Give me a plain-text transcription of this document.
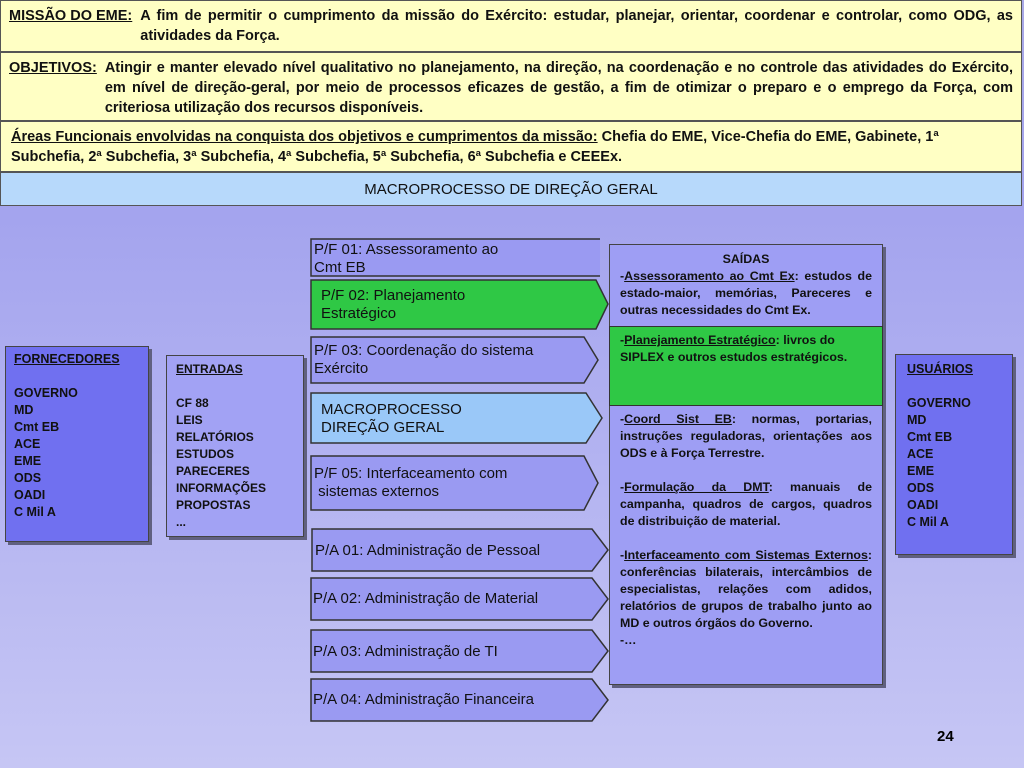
MISSÃO DO EME: A fim de permitir o cumprimento da missão do Exército: estudar, planejar, orientar, coordenar e controlar, como ODG, as atividades da Força.
OBJETIVOS: Atingir e manter elevado nível qualitativo no planejamento, na direção, na coordenação e no controle das atividades do Exército, em nível de direção-geral, por meio de processos eficazes de gestão, a fim de otimizar o preparo e o emprego da Força, com criteriosa utilização dos recursos disponíveis.
Áreas Funcionais envolvidas na conquista dos objetivos e cumprimentos da missão: Chefia do EME, Vice-Chefia do EME, Gabinete, 1ª Subchefia, 2ª Subchefia, 3ª Subchefia, 4ª Subchefia, 5ª Subchefia, 6ª Subchefia e CEEEx.
MACROPROCESSO DE DIREÇÃO GERAL
FORNECEDORES

GOVERNO
MD
Cmt EB
ACE
EME
ODS
OADI
C Mil A
ENTRADAS

CF 88
LEIS
RELATÓRIOS
ESTUDOS
PARECERES
INFORMAÇÕES
PROPOSTAS
...
P/F 01: Assessoramento ao
Cmt EB
P/F 02: Planejamento
Estratégico
P/F 03: Coordenação do sistema
Exército
MACROPROCESSO
DIREÇÃO GERAL
P/F 05: Interfaceamento com
sistemas externos
P/A 01: Administração de Pessoal
P/A 02: Administração de Material
P/A 03: Administração de TI
P/A 04: Administração Financeira
SAÍDAS

-Assessoramento ao Cmt Ex: estudos de estado-maior, memórias, Pareceres e outras necessidades do Cmt Ex.

-Coord Sist EB: normas, portarias, instruções reguladoras, orientações aos ODS e à Força Terrestre.

-Formulação da DMT: manuais de campanha, quadros de cargos, quadros de distribuição de material.

-Interfaceamento com Sistemas Externos: conferências bilaterais, intercâmbios de especialistas, relações com adidos, relatórios de grupos de trabalho junto ao MD e outros órgãos do Governo.

-…

-Planejamento Estratégico: livros do SIPLEX e outros estudos estratégicos.
USUÁRIOS

GOVERNO
MD
Cmt EB
ACE
EME
ODS
OADI
C Mil A
24
